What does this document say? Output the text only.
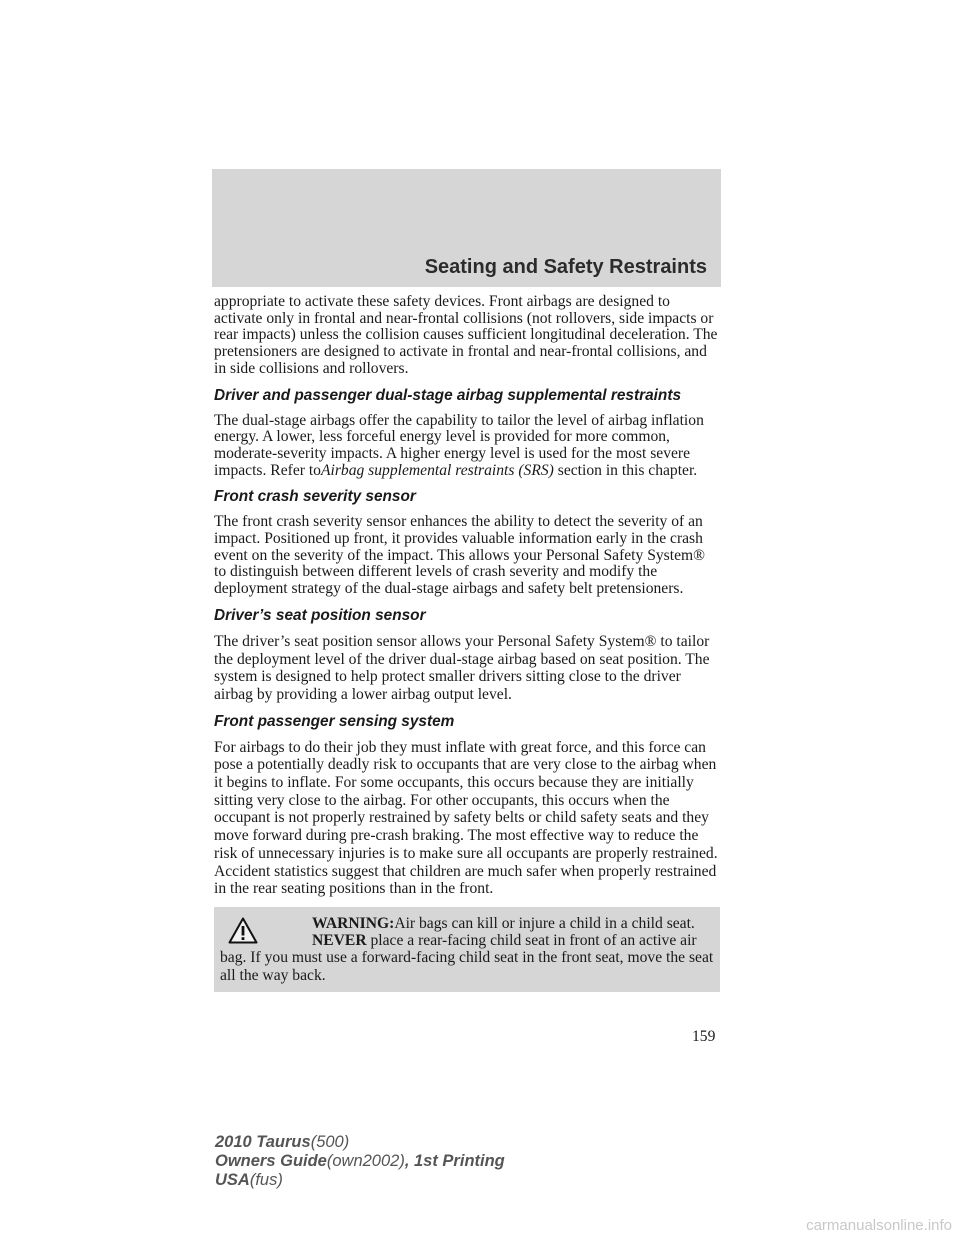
Seating and Safety Restraints

appropriate to activate these safety devices. Front airbags are designed to activate only in frontal and near-frontal collisions (not rollovers, side impacts or rear impacts) unless the collision causes sufficient longitudinal deceleration. The pretensioners are designed to activate in frontal and near-frontal collisions, and in side collisions and rollovers.

Driver and passenger dual-stage airbag supplemental restraints

The dual-stage airbags offer the capability to tailor the level of airbag inflation energy. A lower, less forceful energy level is provided for more common, moderate-severity impacts. A higher energy level is used for the most severe impacts. Refer toAirbag supplemental restraints (SRS) section in this chapter.

Front crash severity sensor

The front crash severity sensor enhances the ability to detect the severity of an impact. Positioned up front, it provides valuable information early in the crash event on the severity of the impact. This allows your Personal Safety System® to distinguish between different levels of crash severity and modify the deployment strategy of the dual-stage airbags and safety belt pretensioners.

Driver’s seat position sensor

The driver’s seat position sensor allows your Personal Safety System® to tailor the deployment level of the driver dual-stage airbag based on seat position. The system is designed to help protect smaller drivers sitting close to the driver airbag by providing a lower airbag output level.

Front passenger sensing system

For airbags to do their job they must inflate with great force, and this force can pose a potentially deadly risk to occupants that are very close to the airbag when it begins to inflate. For some occupants, this occurs because they are initially sitting very close to the airbag. For other occupants, this occurs when the occupant is not properly restrained by safety belts or child safety seats and they move forward during pre-crash braking. The most effective way to reduce the risk of unnecessary injuries is to make sure all occupants are properly restrained. Accident statistics suggest that children are much safer when properly restrained in the rear seating positions than in the front.

WARNING:Air bags can kill or injure a child in a child seat.
NEVER place a rear-facing child seat in front of an active air bag. If you must use a forward-facing child seat in the front seat, move the seat all the way back.

159
2010 Taurus(500)
Owners Guide(own2002), 1st Printing
USA(fus)
carmanualsonline.info
